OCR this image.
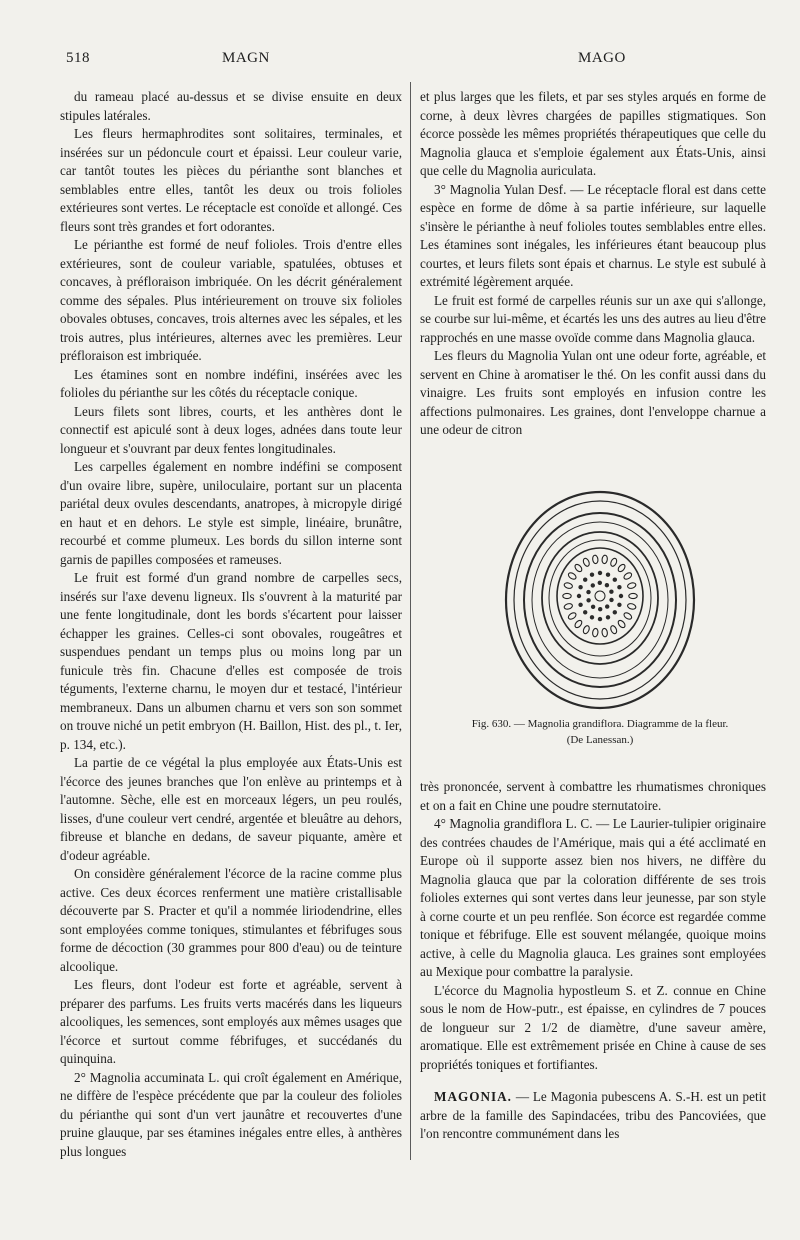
518	MAGN	MAGO

du rameau placé au-dessus et se divise ensuite en deux stipules latérales.

Les fleurs hermaphrodites sont solitaires, terminales, et insérées sur un pédoncule court et épaissi. Leur couleur varie, car tantôt toutes les pièces du périanthe sont blanches et semblables entre elles, tantôt les deux ou trois folioles extérieures sont vertes. Le réceptacle est conoïde et allongé. Ces fleurs sont très grandes et fort odorantes.

Le périanthe est formé de neuf folioles. Trois d'entre elles extérieures, sont de couleur variable, spatulées, obtuses et concaves, à préfloraison imbriquée. On les décrit généralement comme des sépales. Plus intérieurement on trouve six folioles obovales obtuses, concaves, trois alternes avec les sépales, et les trois autres, plus intérieures, alternes avec les premières. Leur préfloraison est imbriquée.

Les étamines sont en nombre indéfini, insérées avec les folioles du périanthe sur les côtés du réceptacle conique.

Leurs filets sont libres, courts, et les anthères dont le connectif est apiculé sont à deux loges, adnées dans toute leur longueur et s'ouvrant par deux fentes longitudinales.

Les carpelles également en nombre indéfini se composent d'un ovaire libre, supère, uniloculaire, portant sur un placenta pariétal deux ovules descendants, anatropes, à micropyle dirigé en haut et en dehors. Le style est simple, linéaire, brunâtre, recourbé et comme plumeux. Les bords du sillon interne sont garnis de papilles composées et rameuses.

Le fruit est formé d'un grand nombre de carpelles secs, insérés sur l'axe devenu ligneux. Ils s'ouvrent à la maturité par une fente longitudinale, dont les bords s'écartent pour laisser échapper les graines. Celles-ci sont obovales, rougeâtres et suspendues pendant un temps plus ou moins long par un funicule très fin. Chacune d'elles est composée de trois téguments, l'externe charnu, le moyen dur et testacé, l'intérieur membraneux. Dans un albumen charnu et vers son son sommet on trouve niché un petit embryon (H. Baillon, Hist. des pl., t. Ier, p. 134, etc.).

La partie de ce végétal la plus employée aux États-Unis est l'écorce des jeunes branches que l'on enlève au printemps et à l'automne. Sèche, elle est en morceaux légers, un peu roulés, lisses, d'une couleur vert cendré, argentée et bleuâtre au dehors, fibreuse et blanche en dedans, de saveur piquante, amère et d'odeur agréable.

On considère généralement l'écorce de la racine comme plus active. Ces deux écorces renferment une matière cristallisable découverte par S. Practer et qu'il a nommée liriodendrine, elles sont employées comme toniques, stimulantes et fébrifuges sous forme de décoction (30 grammes pour 800 d'eau) ou de teinture alcoolique.

Les fleurs, dont l'odeur est forte et agréable, servent à préparer des parfums. Les fruits verts macérés dans les liqueurs alcooliques, les semences, sont employés aux mêmes usages que l'écorce et surtout comme fébrifuges, et succédanés du quinquina.

2° Magnolia accuminata L. qui croît également en Amérique, ne diffère de l'espèce précédente que par la couleur des folioles du périanthe qui sont d'un vert jaunâtre et recouvertes d'une pruine glauque, par ses étamines inégales entre elles, à anthères plus longues

et plus larges que les filets, et par ses styles arqués en forme de corne, à deux lèvres chargées de papilles stigmatiques. Son écorce possède les mêmes propriétés thérapeutiques que celle du Magnolia glauca et s'emploie également aux États-Unis, ainsi que celle du Magnolia auriculata.

3° Magnolia Yulan Desf. — Le réceptacle floral est dans cette espèce en forme de dôme à sa partie inférieure, sur laquelle s'insère le périanthe à neuf folioles toutes semblables entre elles. Les étamines sont inégales, les inférieures étant beaucoup plus courtes, et leurs filets sont épais et charnus. Le style est subulé à extrémité légèrement arquée.

Le fruit est formé de carpelles réunis sur un axe qui s'allonge, se courbe sur lui-même, et écartés les uns des autres au lieu d'être rapprochés en une masse ovoïde comme dans Magnolia glauca.

Les fleurs du Magnolia Yulan ont une odeur forte, agréable, et servent en Chine à aromatiser le thé. On les confit aussi dans du vinaigre. Les fruits sont employés en infusion contre les affections pulmonaires. Les graines, dont l'enveloppe charnue a une odeur de citron

Fig. 630. — Magnolia grandiflora. Diagramme de la fleur.
(De Lanessan.)

très prononcée, servent à combattre les rhumatismes chroniques et on a fait en Chine une poudre sternutatoire.

4° Magnolia grandiflora L. C. — Le Laurier-tulipier originaire des contrées chaudes de l'Amérique, mais qui a été acclimaté en Europe où il supporte assez bien nos hivers, ne diffère du Magnolia glauca que par la coloration différente de ses trois folioles externes qui sont vertes dans leur jeunesse, par son style à corne courte et un peu renflée. Son écorce est regardée comme tonique et fébrifuge. Elle est souvent mélangée, quoique moins active, à celle du Magnolia glauca. Les graines sont employées au Mexique pour combattre la paralysie.

L'écorce du Magnolia hypostleum S. et Z. connue en Chine sous le nom de How-putr., est épaisse, en cylindres de 7 pouces de longueur sur 2 1/2 de diamètre, d'une saveur amère, aromatique. Elle est extrêmement prisée en Chine à cause de ses propriétés toniques et fortifiantes.

MAGONIA. — Le Magonia pubescens A. S.-H. est un petit arbre de la famille des Sapindacées, tribu des Pancoviées, que l'on rencontre communément dans les
